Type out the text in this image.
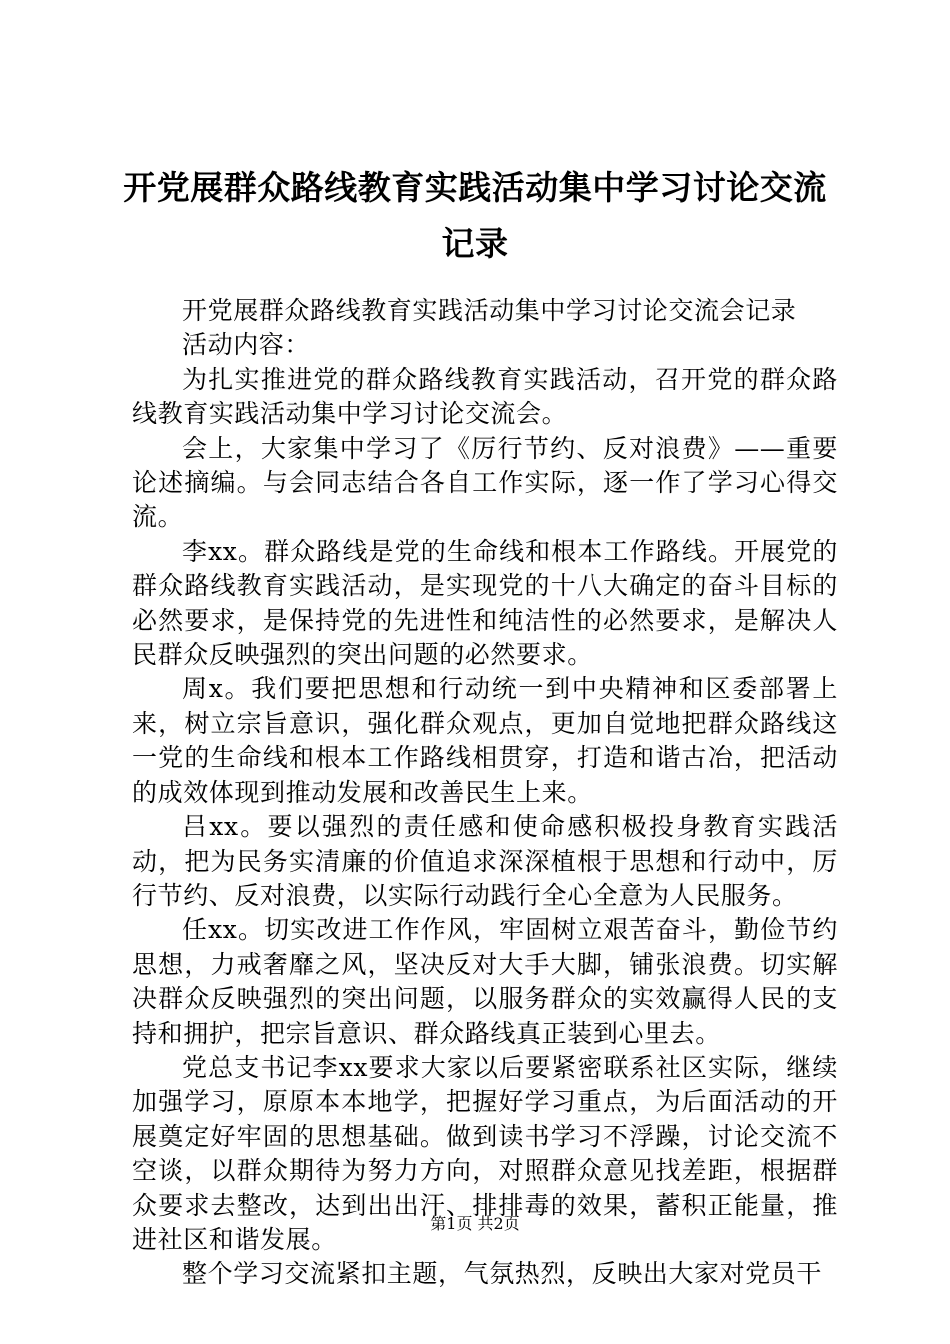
开党展群众路线教育实践活动集中学习讨论交流记录

开党展群众路线教育实践活动集中学习讨论交流会记录

活动内容：

为扎实推进党的群众路线教育实践活动，召开党的群众路线教育实践活动集中学习讨论交流会。

会上，大家集中学习了《厉行节约、反对浪费》——重要论述摘编。与会同志结合各自工作实际，逐一作了学习心得交流。

李xx。群众路线是党的生命线和根本工作路线。开展党的群众路线教育实践活动，是实现党的十八大确定的奋斗目标的必然要求，是保持党的先进性和纯洁性的必然要求，是解决人民群众反映强烈的突出问题的必然要求。

周x。我们要把思想和行动统一到中央精神和区委部署上来，树立宗旨意识，强化群众观点，更加自觉地把群众路线这一党的生命线和根本工作路线相贯穿，打造和谐古冶，把活动的成效体现到推动发展和改善民生上来。

吕xx。要以强烈的责任感和使命感积极投身教育实践活动，把为民务实清廉的价值追求深深植根于思想和行动中，厉行节约、反对浪费，以实际行动践行全心全意为人民服务。

任xx。切实改进工作作风，牢固树立艰苦奋斗，勤俭节约思想，力戒奢靡之风，坚决反对大手大脚，铺张浪费。切实解决群众反映强烈的突出问题，以服务群众的实效赢得人民的支持和拥护，把宗旨意识、群众路线真正装到心里去。

党总支书记李xx要求大家以后要紧密联系社区实际，继续加强学习，原原本本地学，把握好学习重点，为后面活动的开展奠定好牢固的思想基础。做到读书学习不浮躁，讨论交流不空谈，以群众期待为努力方向，对照群众意见找差距，根据群众要求去整改，达到出出汗、排排毒的效果，蓄积正能量，推进社区和谐发展。

整个学习交流紧扣主题，气氛热烈，反映出大家对党员干

第1页 共2页
